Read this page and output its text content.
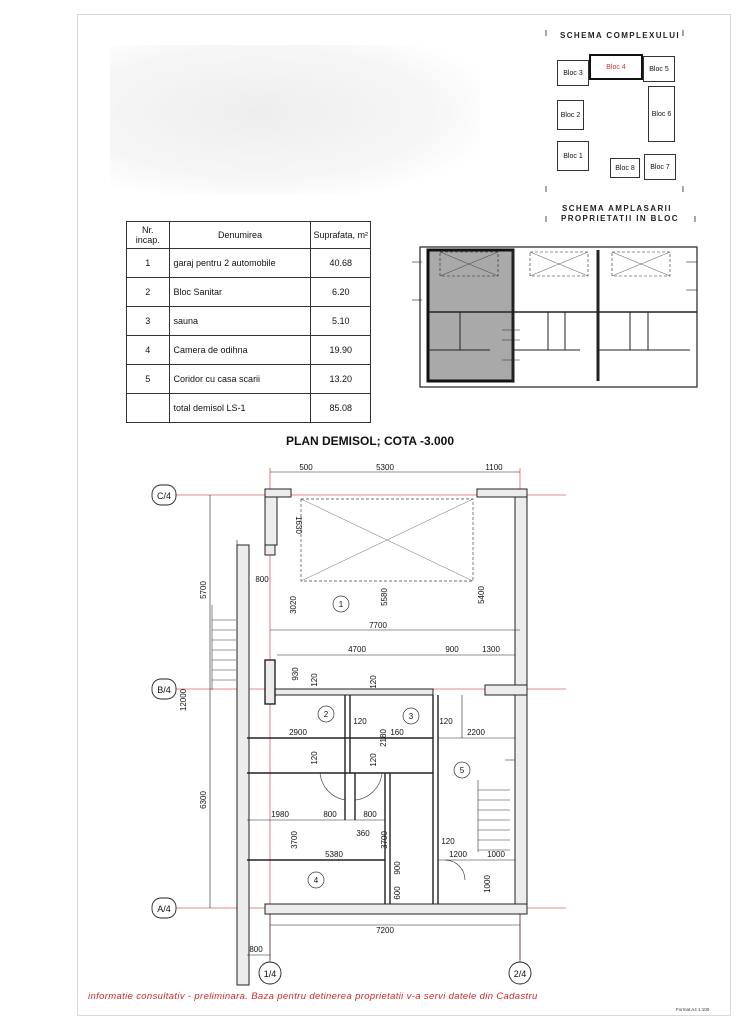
SCHEMA COMPLEXULUI
Bloc 3
Bloc 4	Bloc 5
Bloc 2	Bloc 6
Bloc 1
Bloc 8	Bloc 7
SCHEMA AMPLASARII
PROPRIETATII IN BLOC
Nr. incap.	Denumirea	Suprafata, m²
1	garaj pentru 2 automobile	40.68
2	Bloc Sanitar	6.20
3	sauna	5.10
4	Camera de odihna	19.90
5	Coridor cu casa scarii	13.20
	total demisol LS-1	85.08
PLAN DEMISOL; COTA -3.000
C/4
B/4
A/4
1/4	2/4
1
2	3
4
5
500	5300	1100
800
7700
4700	900	1300
120	120
2900	160	2200
1980	800	800
360
120
1200	1000
5380
7200
800
1630
5700
3020	5580	5400
930 120	120
12000
2180
120	120
6300
3700	3700
900
600
1000
informatie consultativ - preliminara. Baza pentru detinerea proprietatii v-a servi datele din Cadastru
Format A4 1:100
